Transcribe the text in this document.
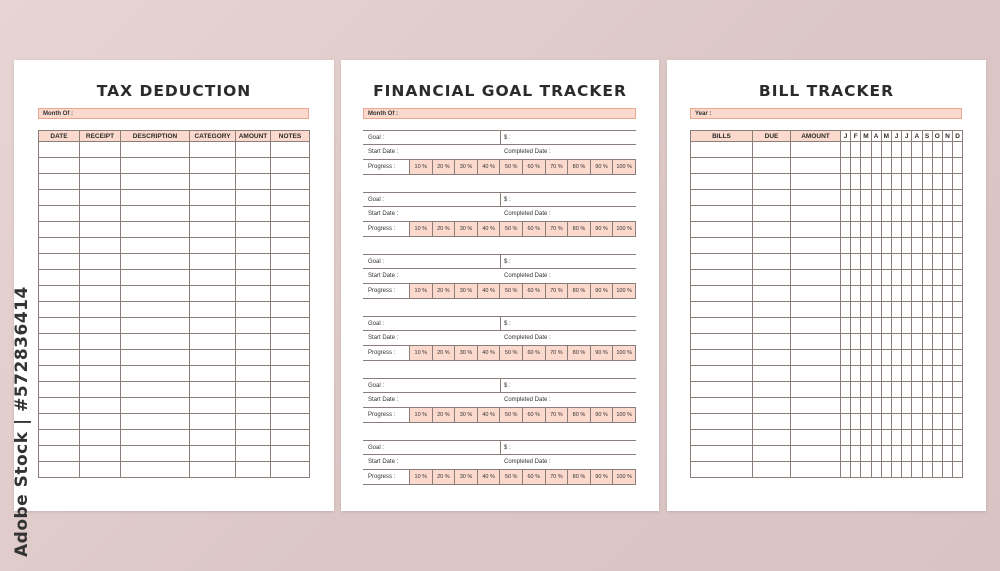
TAX DEDUCTION
Month Of :
DATE	RECEIPT	DESCRIPTION	CATEGORY	AMOUNT	NOTES

FINANCIAL GOAL TRACKER
Month Of :
Goal :	$ :
Start Date :	Completed Date :
Progress :	10 %	20 %	30 %	40 %	50 %	60 %	70 %	80 %	90 %	100 %
Goal :	$ :
Start Date :	Completed Date :
Progress :	10 %	20 %	30 %	40 %	50 %	60 %	70 %	80 %	90 %	100 %
Goal :	$ :
Start Date :	Completed Date :
Progress :	10 %	20 %	30 %	40 %	50 %	60 %	70 %	80 %	90 %	100 %
Goal :	$ :
Start Date :	Completed Date :
Progress :	10 %	20 %	30 %	40 %	50 %	60 %	70 %	80 %	90 %	100 %
Goal :	$ :
Start Date :	Completed Date :
Progress :	10 %	20 %	30 %	40 %	50 %	60 %	70 %	80 %	90 %	100 %
Goal :	$ :
Start Date :	Completed Date :
Progress :	10 %	20 %	30 %	40 %	50 %	60 %	70 %	80 %	90 %	100 %
BILL TRACKER
Year :
BILLS	DUE	AMOUNT	J	F	M	A	M	J	J	A	S	O	N	D

Adobe Stock | #572836414
